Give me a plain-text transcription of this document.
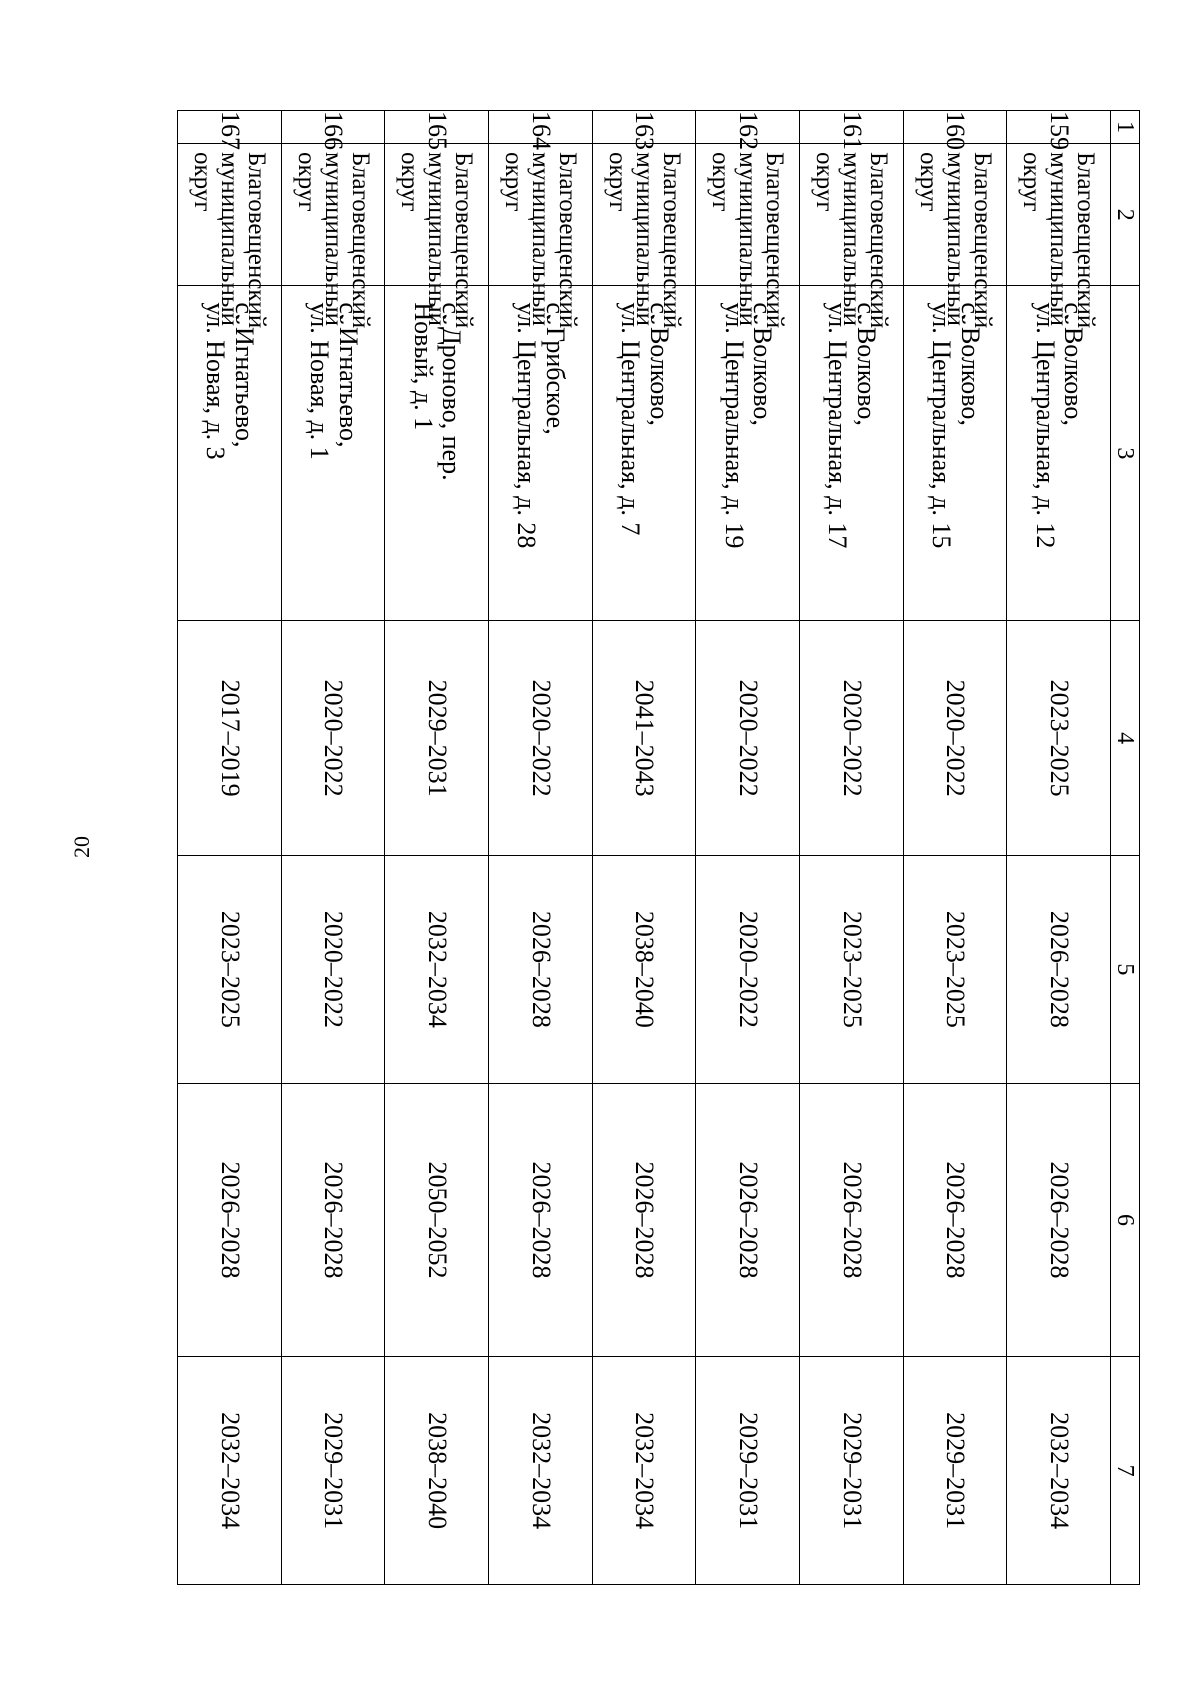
20
1	2	3	4	5	6	7

159	Благовещенский муниципальный округ	с. Волково,
ул. Центральная, д. 12	2023–2025	2026–2028	2026–2028	2032–2034

160	Благовещенский муниципальный округ	с. Волково,
ул. Центральная, д. 15	2020–2022	2023–2025	2026–2028	2029–2031

161	Благовещенский муниципальный округ	с. Волково,
ул. Центральная, д. 17	2020–2022	2023–2025	2026–2028	2029–2031

162	Благовещенский муниципальный округ	с. Волково,
ул. Центральная, д. 19	2020–2022	2020–2022	2026–2028	2029–2031

163	Благовещенский муниципальный округ	с. Волково,
ул. Центральная, д. 7	2041–2043	2038–2040	2026–2028	2032–2034

164	Благовещенский муниципальный округ	с. Грибское,
ул. Центральная, д. 28	2020–2022	2026–2028	2026–2028	2032–2034

165	Благовещенский муниципальный округ	с. Дроново, пер.
Новый, д. 1	2029–2031	2032–2034	2050–2052	2038–2040

166	Благовещенский муниципальный округ	с. Игнатьево,
ул. Новая, д. 1	2020–2022	2020–2022	2026–2028	2029–2031

167	Благовещенский муниципальный округ	с. Игнатьево,
ул. Новая, д. 3	2017–2019	2023–2025	2026–2028	2032–2034
